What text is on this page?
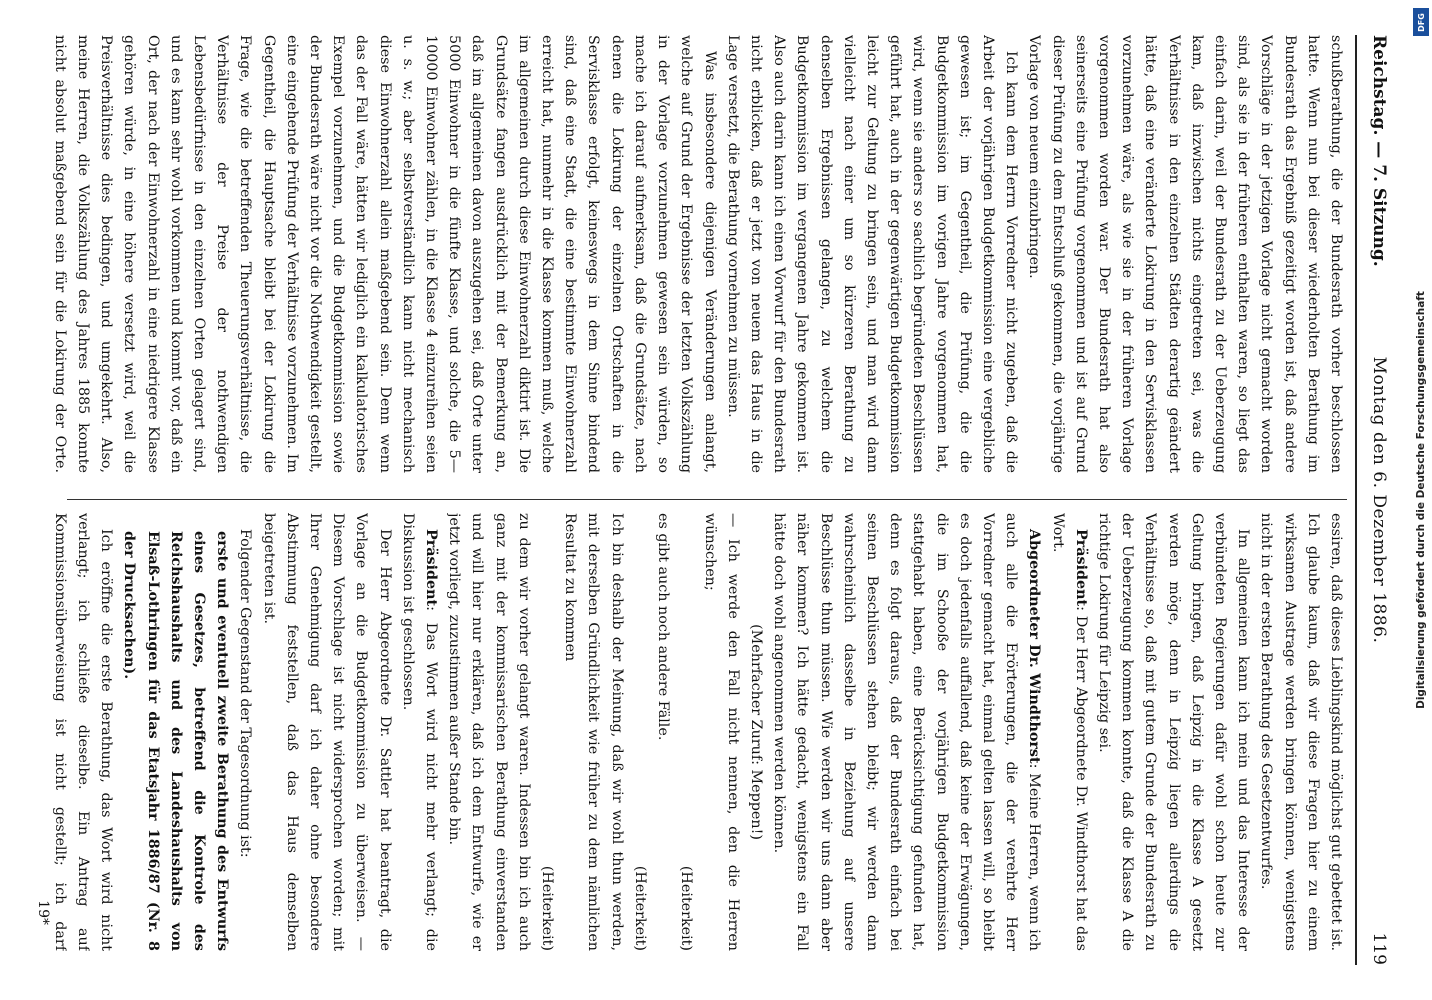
Reichstag. — 7. Sitzung.
Montag den 6. Dezember 1886.
119

schußberathung, die der Bundesrath vorher beschlossen hatte. Wenn nun bei dieser wiederholten Berathung im Bundesrath das Ergebniß gezeitigt worden ist, daß andere Vorschläge in der jetzigen Vorlage nicht gemacht worden sind, als sie in der früheren enthalten waren, so liegt das einfach darin, weil der Bundesrath zu der Ueberzeugung kam, daß inzwischen nichts eingetreten sei, was die Verhältnisse in den einzelnen Städten derartig geändert hätte, daß eine veränderte Lokirung in den Servisklassen vorzunehmen wäre, als wie sie in der früheren Vorlage vorgenommen worden war. Der Bundesrath hat also seinerseits eine Prüfung vorgenommen und ist auf Grund dieser Prüfung zu dem Entschluß gekommen, die vorjährige Vorlage von neuem einzubringen.

Ich kann dem Herrn Vorredner nicht zugeben, daß die Arbeit der vorjährigen Budgetkommission eine vergebliche gewesen ist; im Gegentheil, die Prüfung, die die Budgetkommission im vorigen Jahre vorgenommen hat, wird, wenn sie anders so sachlich begründeten Beschlüssen geführt hat, auch in der gegenwärtigen Budgetkommission leicht zur Geltung zu bringen sein, und man wird dann vielleicht nach einer um so kürzeren Berathung zu denselben Ergebnissen gelangen, zu welchem die Budgetkommission im vergangenen Jahre gekommen ist. Also auch darin kann ich einen Vorwurf für den Bundesrath nicht erblicken, daß er jetzt von neuem das Haus in die Lage versetzt, die Berathung vornehmen zu müssen.

Was insbesondere diejenigen Veränderungen anlangt, welche auf Grund der Ergebnisse der letzten Volkszählung in der Vorlage vorzunehmen gewesen sein würden, so mache ich darauf aufmerksam, daß die Grundsätze, nach denen die Lokirung der einzelnen Ortschaften in die Servisklasse erfolgt, keineswegs in dem Sinne bindend sind, daß eine Stadt, die eine bestimmte Einwohnerzahl erreicht hat, nunmehr in die Klasse kommen muß, welche im allgemeinen durch diese Einwohnerzahl diktirt ist. Die Grundsätze fangen ausdrücklich mit der Bemerkung an, daß im allgemeinen davon auszugehen sei, daß Orte unter 5000 Einwohner in die fünfte Klasse, und solche, die 5—10000 Einwohner zählen, in die Klasse 4 einzureihen seien u. s. w.; aber selbstverständlich kann nicht mechanisch diese Einwohnerzahl allein maßgebend sein. Denn wenn das der Fall wäre, hätten wir lediglich ein kalkulatorisches Exempel vorzunehmen, und die Budgetkommission sowie der Bundesrath wäre nicht vor die Nothwendigkeit gestellt, eine eingehende Prüfung der Verhältnisse vorzunehmen. Im Gegentheil, die Hauptsache bleibt bei der Lokirung die Frage, wie die betreffenden Theuerungsverhältnisse, die Verhältnisse der Preise der nothwendigen Lebensbedürfnisse in den einzelnen Orten gelagert sind, und es kann sehr wohl vorkommen und kommt vor, daß ein Ort, der nach der Einwohnerzahl in eine niedrigere Klasse gehören würde, in eine höhere versetzt wird, weil die Preisverhältnisse dies bedingen, und umgekehrt. Also, meine Herren, die Volkszählung des Jahres 1885 konnte nicht absolut maßgebend sein für die Lokirung der Orte.

essiren, daß dieses Lieblingskind möglichst gut gebettet ist. Ich glaube kaum, daß wir diese Fragen hier zu einem wirksamen Austrage werden bringen können, wenigstens nicht in der ersten Berathung des Gesetzentwurfes.

Im allgemeinen kann ich mein und das Interesse der verbündeten Regierungen dafür wohl schon heute zur Geltung bringen, daß Leipzig in die Klasse A gesetzt werden möge, denn in Leipzig liegen allerdings die Verhältnisse so, daß mit gutem Grunde der Bundesrath zu der Ueberzeugung kommen konnte, daß die Klasse A die richtige Lokirung für Leipzig sei.

Präsident: Der Herr Abgeordnete Dr. Windthorst hat das Wort.

Abgeordneter Dr. Windthorst: Meine Herren, wenn ich auch alle die Erörterungen, die der verehrte Herr Vorredner gemacht hat, einmal gelten lassen will, so bleibt es doch jedenfalls auffallend, daß keine der Erwägungen, die im Schooße der vorjährigen Budgetkommission stattgehabt haben, eine Berücksichtigung gefunden hat, denn es folgt daraus, daß der Bundesrath einfach bei seinen Beschlüssen stehen bleibt; wir werden dann wahrscheinlich dasselbe in Beziehung auf unsere Beschlüsse thun müssen. Wie werden wir uns dann aber näher kommen? Ich hätte gedacht, wenigstens ein Fall hätte doch wohl angenommen werden können.

(Mehrfacher Zuruf: Meppen!)

— Ich werde den Fall nicht nennen, den die Herren wünschen;

(Heiterkeit)

es gibt auch noch andere Fälle.

(Heiterkeit)

Ich bin deshalb der Meinung, daß wir wohl thun werden, mit derselben Gründlichkeit wie früher zu dem nämlichen Resultat zu kommen

(Heiterkeit)

zu dem wir vorher gelangt waren. Indessen bin ich auch ganz mit der kommissarischen Berathung einverstanden und will hier nur erklären, daß ich dem Entwurfe, wie er jetzt vorliegt, zuzustimmen außer Stande bin.

Präsident: Das Wort wird nicht mehr verlangt; die Diskussion ist geschlossen.

Der Herr Abgeordnete Dr. Sattler hat beantragt, die Vorlage an die Budgetkommission zu überweisen. — Diesem Vorschlage ist nicht widersprochen worden; mit Ihrer Genehmigung darf ich daher ohne besondere Abstimmung feststellen, daß das Haus demselben beigetreten ist.

Folgender Gegenstand der Tagesordnung ist:

erste und eventuell zweite Berathung des Entwurfs eines Gesetzes, betreffend die Kontrole des Reichshaushalts und des Landeshaushalts von Elsaß-Lothringen für das Etatsjahr 1886/87 (Nr. 8 der Drucksachen).

Ich eröffne die erste Berathung, das Wort wird nicht verlangt; ich schließe dieselbe. Ein Antrag auf Kommissionsüberweisung ist nicht gestellt; ich darf

19*
DFG
Digitalisierung gefördert durch die Deutsche Forschungsgemeinschaft
